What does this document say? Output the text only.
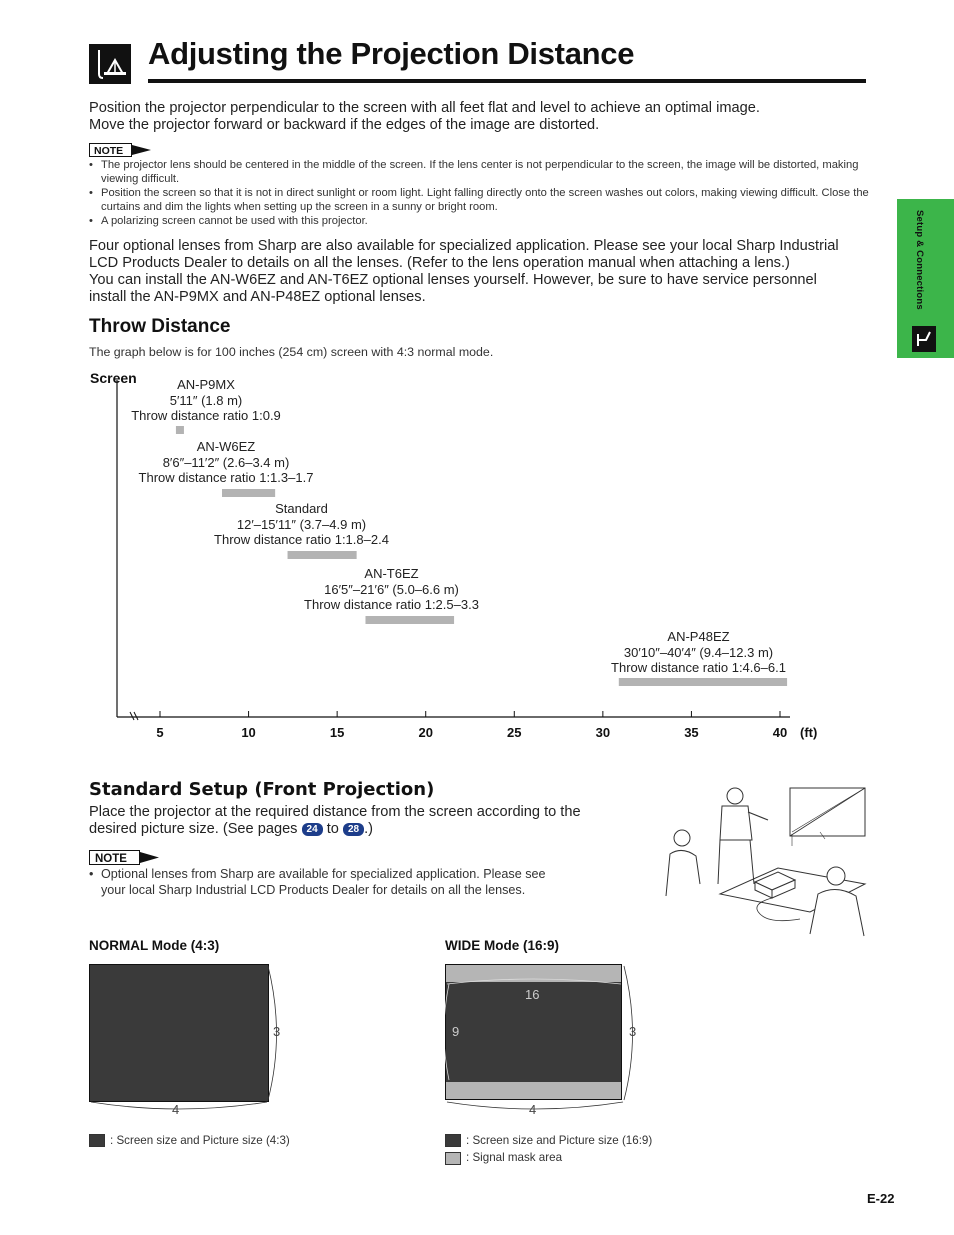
Adjusting the Projection Distance
Position the projector perpendicular to the screen with all feet flat and level to achieve an optimal image.
Move the projector forward or backward if the edges of the image are distorted.
NOTE
• The projector lens should be centered in the middle of the screen. If the lens center is not perpendicular to the screen, the image will be distorted, making viewing difficult.
• Position the screen so that it is not in direct sunlight or room light. Light falling directly onto the screen washes out colors, making viewing difficult. Close the curtains and dim the lights when setting up the screen in a sunny or bright room.
• A polarizing screen cannot be used with this projector.
Four optional lenses from Sharp are also available for specialized application. Please see your local Sharp Industrial
LCD Products Dealer to details on all the lenses. (Refer to the lens operation manual when attaching a lens.)
You can install the AN-W6EZ and AN-T6EZ optional lenses yourself. However, be sure to have service personnel
install the AN-P9MX and AN-P48EZ optional lenses.
Throw Distance
The graph below is for 100 inches (254 cm) screen with 4:3 normal mode.
Screen	AN-P9MX
5′11″ (1.8 m)
Throw distance ratio 1:0.9
AN-W6EZ
8′6″–11′2″ (2.6–3.4 m)
Throw distance ratio 1:1.3–1.7
Standard
12′–15′11″ (3.7–4.9 m)
Throw distance ratio 1:1.8–2.4
AN-T6EZ
16′5″–21′6″ (5.0–6.6 m)
Throw distance ratio 1:2.5–3.3
AN-P48EZ
30′10″–40′4″ (9.4–12.3 m)
Throw distance ratio 1:4.6–6.1
5	10	15	20	25	30	35	40 (ft)
Setup & Connections
Standard Setup (Front Projection)
Place the projector at the required distance from the screen according to the
desired picture size. (See pages 24 to 28 .)
NOTE
• Optional lenses from Sharp are available for specialized application. Please see
your local Sharp Industrial LCD Products Dealer for details on all the lenses.
NORMAL Mode (4:3)
3
4
: Screen size and Picture size (4:3)
WIDE Mode (16:9)
16
9	3
4
: Screen size and Picture size (16:9)
: Signal mask area
E-22
